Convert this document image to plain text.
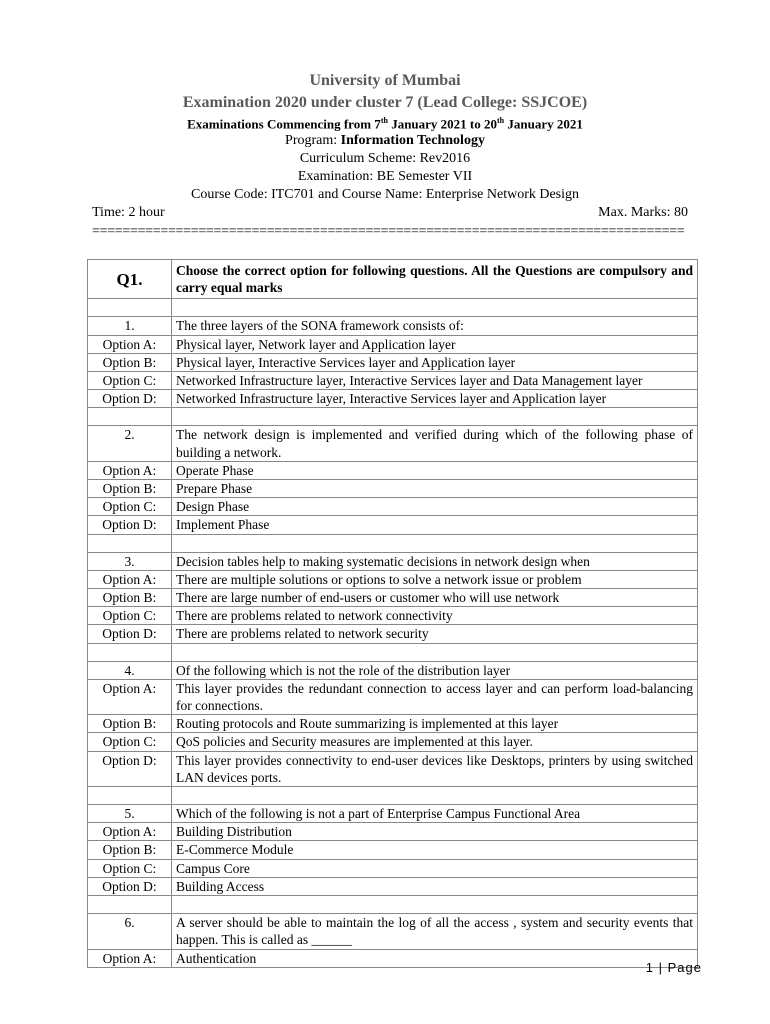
University of Mumbai
Examination 2020 under cluster 7 (Lead College: SSJCOE)
Examinations Commencing from 7th January 2021 to 20th January 2021
Program: Information Technology
Curriculum Scheme: Rev2016
Examination: BE Semester VII
Course Code: ITC701 and Course Name: Enterprise Network Design
Time: 2 hour	Max. Marks: 80
==============================================================================
Q1.	Choose the correct option for following questions. All the Questions are compulsory and carry equal marks

1.	The three layers of the SONA framework consists of:
Option A:	Physical layer, Network layer and Application layer
Option B:	Physical layer, Interactive Services layer and Application layer
Option C:	Networked Infrastructure layer, Interactive Services layer and Data Management layer
Option D:	Networked Infrastructure layer, Interactive Services layer and Application layer

2.	The network design is implemented and verified during which of the following phase of building a network.
Option A:	Operate Phase
Option B:	Prepare Phase
Option C:	Design Phase
Option D:	Implement Phase

3.	Decision tables help to making systematic decisions in network design when
Option A:	There are multiple solutions or options to solve a network issue or problem
Option B:	There are large number of end-users or customer who will use network
Option C:	There are problems related to network connectivity
Option D:	There are problems related to network security

4.	Of the following which is not the role of the distribution layer
Option A:	This layer provides the redundant connection to access layer and can perform load-balancing for connections.
Option B:	Routing protocols and Route summarizing is implemented at this layer
Option C:	QoS policies and Security measures are implemented at this layer.
Option D:	This layer provides connectivity to end-user devices like Desktops, printers by using switched LAN devices ports.

5.	Which of the following is not a part of Enterprise Campus Functional Area
Option A:	Building Distribution
Option B:	E-Commerce Module
Option C:	Campus Core
Option D:	Building Access

6.	A server should be able to maintain the log of all the access , system and security events that happen. This is called as ______
Option A:	Authentication
1 | Page
